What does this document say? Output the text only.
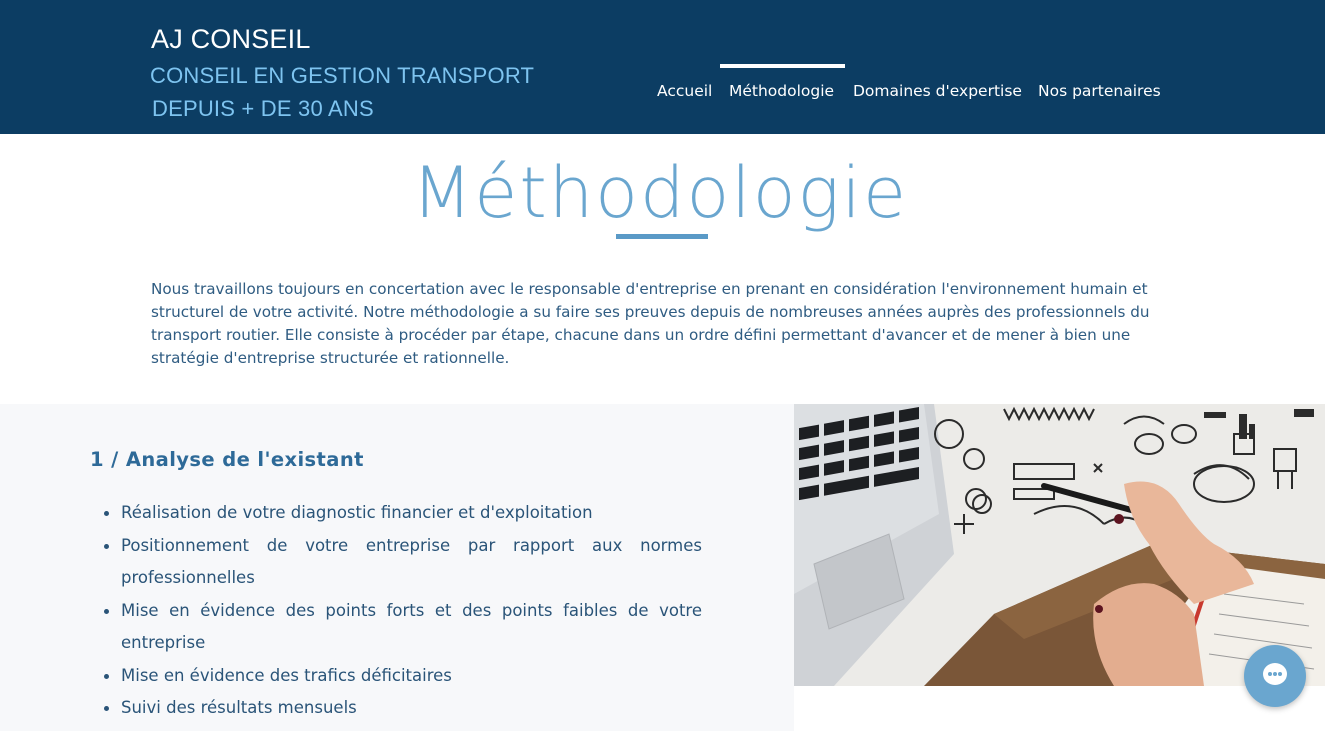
AJ CONSEIL
CONSEIL EN GESTION TRANSPORT
DEPUIS + DE 30 ANS
Accueil Méthodologie Domaines d'expertise Nos partenaires
Méthodologie
Nous travaillons toujours en concertation avec le responsable d'entreprise en prenant en considération l'environnement humain et structurel de votre activité. Notre méthodologie a su faire ses preuves depuis de nombreuses années auprès des professionnels du transport routier. Elle consiste à procéder par étape, chacune dans un ordre défini permettant d'avancer et de mener à bien une stratégie d'entreprise structurée et rationnelle.
1 / Analyse de l'existant
Réalisation de votre diagnostic financier et d'exploitation
Positionnement de votre entreprise par rapport aux normes professionnelles
Mise en évidence des points forts et des points faibles de votre entreprise
Mise en évidence des trafics déficitaires
Suivi des résultats mensuels
